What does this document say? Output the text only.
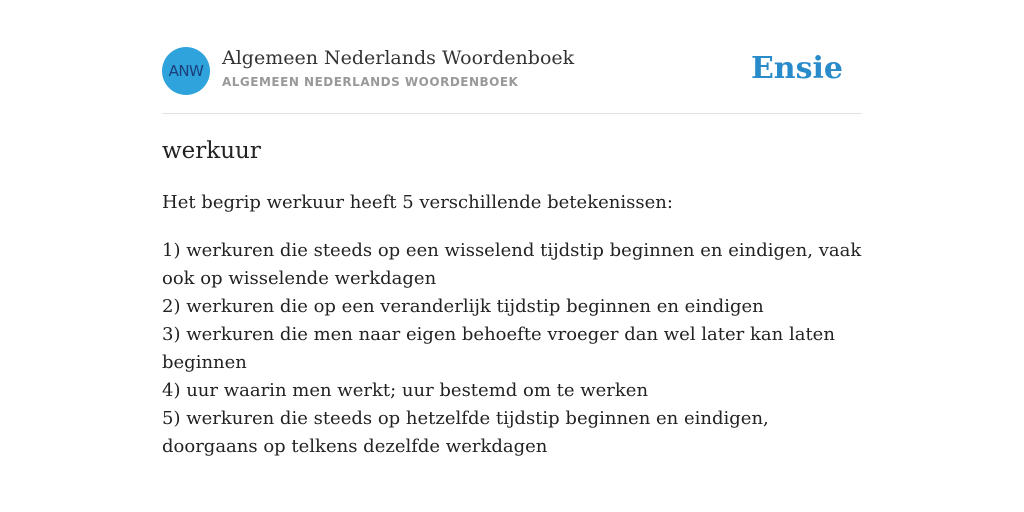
ANW
Algemeen Nederlands Woordenboek
ALGEMEEN NEDERLANDS WOORDENBOEK	Ensie
werkuur

Het begrip werkuur heeft 5 verschillende betekenissen:

1) werkuren die steeds op een wisselend tijdstip beginnen en eindigen, vaak ook op wisselende werkdagen
2) werkuren die op een veranderlijk tijdstip beginnen en eindigen
3) werkuren die men naar eigen behoefte vroeger dan wel later kan laten beginnen
4) uur waarin men werkt; uur bestemd om te werken
5) werkuren die steeds op hetzelfde tijdstip beginnen en eindigen, doorgaans op telkens dezelfde werkdagen
